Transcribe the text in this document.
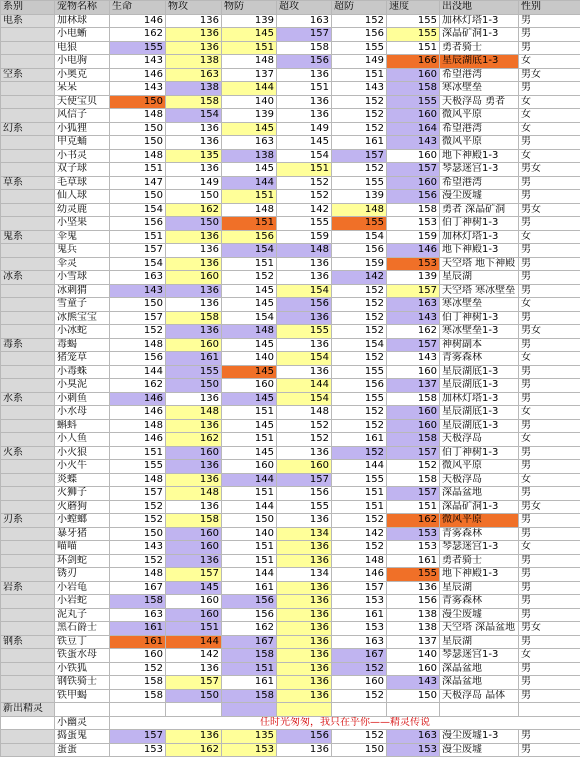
系别	宠物名称	生命	物攻	物防	超攻	超防	速度	出没地	性别
电系	加林球	146	136	139	163	152	155	加林灯塔1-3	男
	小电蜥	162	136	145	157	156	155	深晶矿洞1-3	男
	电狼	155	136	151	158	155	151	勇者骑士	男
	小电驹	143	138	148	156	149	166	星辰湖底1-3	女
空系	小奥克	146	163	137	136	151	160	希望港湾	男女
	呆呆	143	138	144	151	143	158	寒冰壁垒	男
	天使宝贝	150	158	140	136	152	155	天极浮岛 勇者	女
	风信子	148	154	139	136	152	160	微风平原	女
幻系	小狐狸	150	136	145	149	152	164	希望港湾	女
	甲克蛹	150	136	163	145	161	143	微风平原	男
	小书灵	148	135	138	154	157	160	地下神殿1-3	女
	双子球	151	136	145	151	152	157	琴瑟迷宫1-3	男女
草系	毛草球	147	149	144	152	155	160	希望港湾	男
	仙人球	150	150	151	152	139	156	漫尘废墟	男
	幼灵鹿	154	162	148	142	148	158	勇者 深晶矿洞	男女
	小坚果	156	150	151	155	155	153	伯丁神树1-3	男
鬼系	伞鬼	151	136	156	159	154	159	加林灯塔1-3	女
	鬼兵	157	136	154	148	156	146	地下神殿1-3	男
	伞灵	154	136	151	136	159	153	天空塔 地下神殿	男
冰系	小雪球	163	160	152	136	142	139	星辰湖	男
	冰刺猬	143	136	145	154	152	157	天空塔 寒冰壁垒	男
	雪童子	150	136	145	156	152	163	寒冰壁垒	女
	冰熊宝宝	157	158	154	136	152	143	伯丁神树1-3	男
	小冰蛇	152	136	148	155	152	162	寒冰壁垒1-3	男女
毒系	毒蝎	148	160	145	136	154	157	神树副本	男
	猪笼草	156	161	140	154	152	143	青雾森林	女
	小毒蛛	144	155	145	136	155	160	星辰湖底1-3	男
	小臭泥	162	150	160	144	156	137	星辰湖底1-3	男
水系	小刺鱼	146	136	145	154	155	158	加林灯塔1-3	男
	小水母	146	148	151	148	152	160	星辰湖底1-3	女
	蝌蚪	148	136	145	152	152	160	星辰湖底1-3	男
	小人鱼	146	162	151	152	161	158	天极浮岛	女
火系	小火狼	151	160	145	136	152	157	伯丁神树1-3	男
	小火牛	155	136	160	160	144	152	微风平原	男
	炎蝶	148	136	144	157	155	158	天极浮岛	女
	火狮子	157	148	151	156	151	157	深晶盆地	男
	火蘑狗	152	136	144	155	151	151	深晶矿洞1-3	男女
刃系	小螳螂	152	158	150	136	152	162	微风平原	男
	暴牙猪	150	160	140	134	142	153	青雾森林	男
	喵喵	143	160	151	136	152	153	琴瑟迷宫1-3	女
	环剑蛇	152	136	151	136	148	161	勇者骑士	男
	锈刃	148	157	144	134	146	155	地下神殿1-3	男
岩系	小岩龟	167	145	161	136	157	136	星辰湖	男
	小岩蛇	158	160	156	136	153	156	青雾森林	男
	泥丸子	163	160	156	136	161	138	漫尘废墟	男
	黑石爵士	161	151	162	136	153	138	天空塔 深晶盆地	男女
钢系	铁豆丁	161	144	167	136	163	137	星辰湖	男
	铁蛋水母	160	142	158	136	167	140	琴瑟迷宫1-3	女
	小铁狐	152	136	151	136	152	160	深晶盆地	男
	钢铁骑士	158	157	161	136	160	143	深晶盆地	男
	铁甲蝎	158	150	158	136	152	150	天极浮岛 晶体	男
新出精灵									
	小幽灵	任时光匆匆，我只在乎你——精灵传说							
	捣蛋鬼	157	136	135	156	152	163	漫尘废墟1-3	男
	蛋蛋	153	162	153	136	150	153	漫尘废墟	男
